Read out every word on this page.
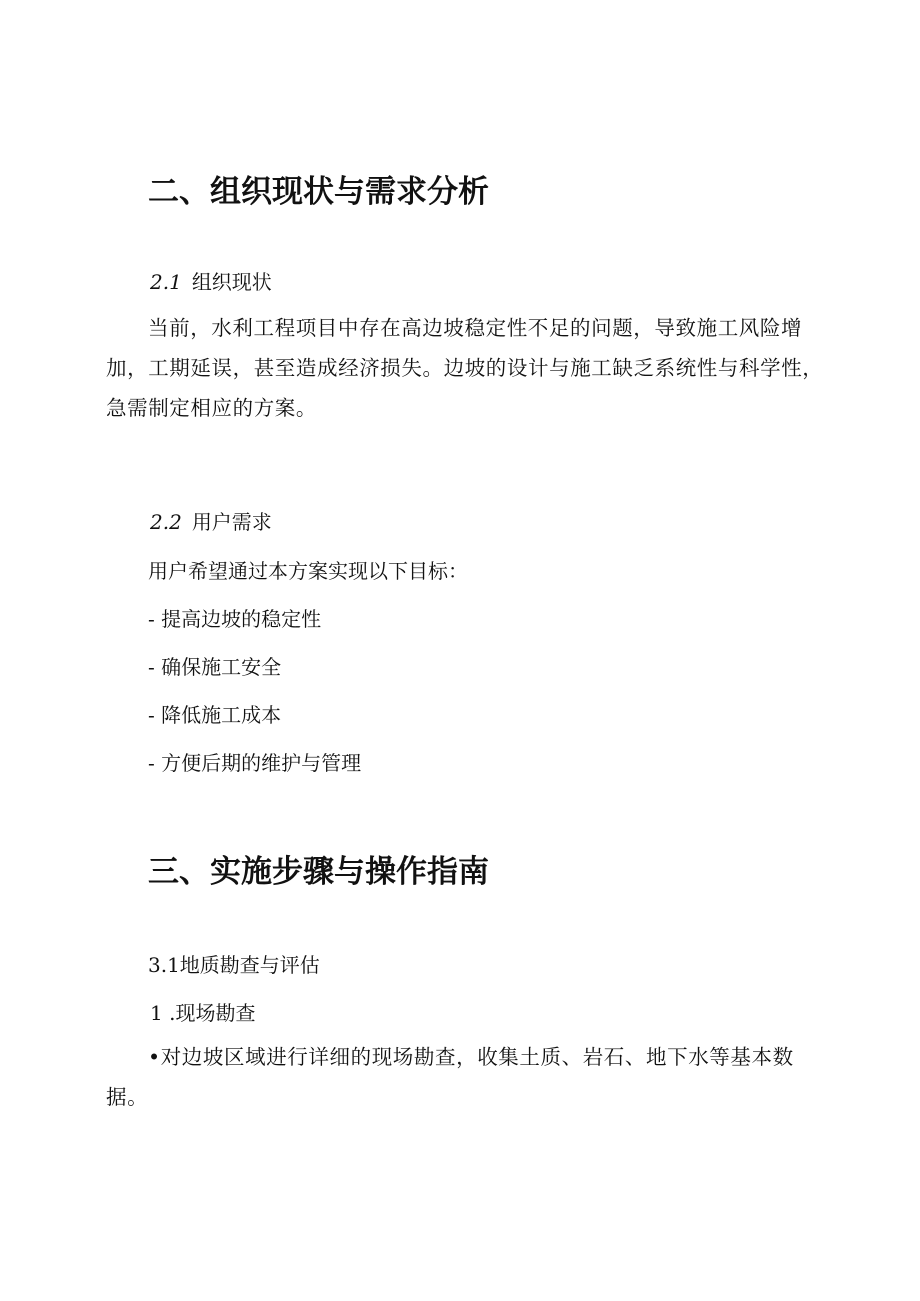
二、组织现状与需求分析
2.1 组织现状
当前，水利工程项目中存在高边坡稳定性不足的问题，导致施工风险增
加，工期延误，甚至造成经济损失。边坡的设计与施工缺乏系统性与科学性，
急需制定相应的方案。
2.2 用户需求
用户希望通过本方案实现以下目标：
- 提高边坡的稳定性
- 确保施工安全
- 降低施工成本
- 方便后期的维护与管理
三、实施步骤与操作指南
3.1地质勘查与评估
1 .现场勘查
•对边坡区域进行详细的现场勘查，收集土质、岩石、地下水等基本数
据。
